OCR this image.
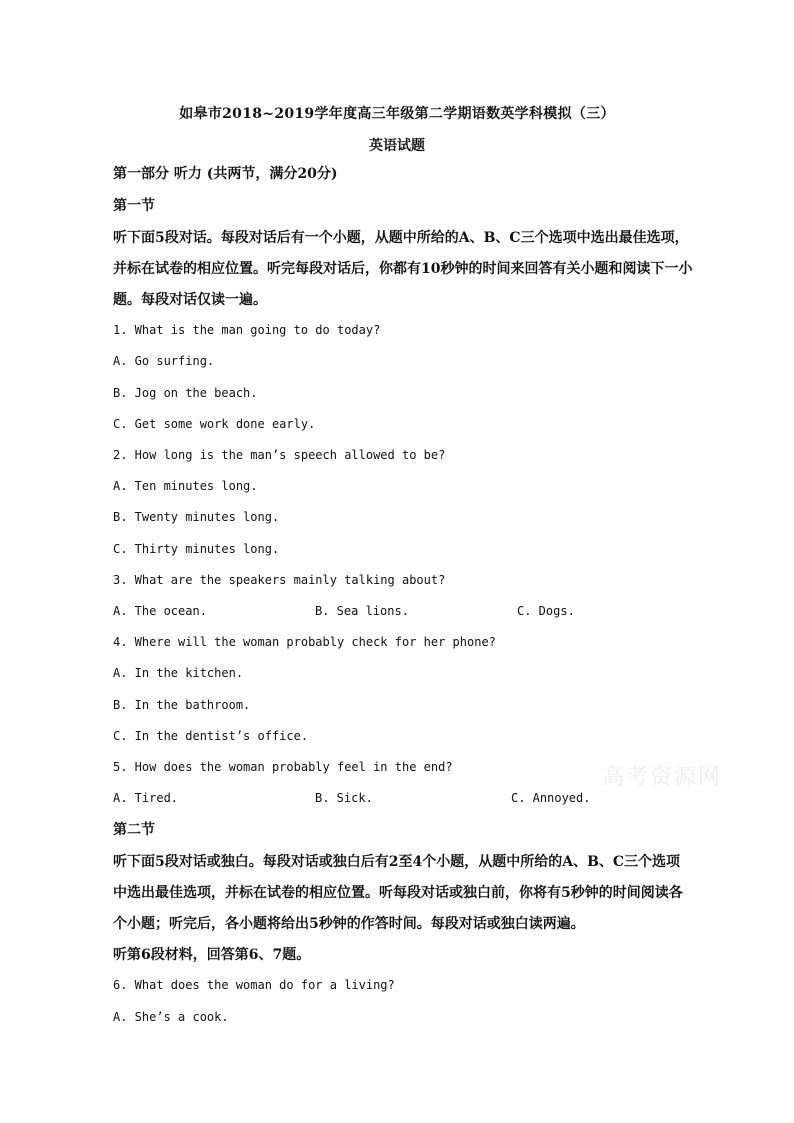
如皋市2018~2019学年度高三年级第二学期语数英学科模拟（三）
英语试题
第一部分 听力 (共两节，满分20分)
第一节
听下面5段对话。每段对话后有一个小题，从题中所给的A、B、C三个选项中选出最佳选项，并标在试卷的相应位置。听完每段对话后，你都有10秒钟的时间来回答有关小题和阅读下一小题。每段对话仅读一遍。
1. What is the man going to do today?
A. Go surfing.
B. Jog on the beach.
C. Get some work done early.
2. How long is the man’s speech allowed to be?
A. Ten minutes long.
B. Twenty minutes long.
C. Thirty minutes long.
3. What are the speakers mainly talking about?
A. The ocean.	B. Sea lions.	C. Dogs.
4. Where will the woman probably check for her phone?
A. In the kitchen.
B. In the bathroom.
C. In the dentist’s office.
5. How does the woman probably feel in the end?
A. Tired.	B. Sick.	C. Annoyed.
高考资源网
第二节
听下面5段对话或独白。每段对话或独白后有2至4个小题，从题中所给的A、B、C三个选项中选出最佳选项，并标在试卷的相应位置。听每段对话或独白前，你将有5秒钟的时间阅读各个小题；听完后，各小题将给出5秒钟的作答时间。每段对话或独白读两遍。
听第6段材料，回答第6、7题。
6. What does the woman do for a living?
A. She’s a cook.
